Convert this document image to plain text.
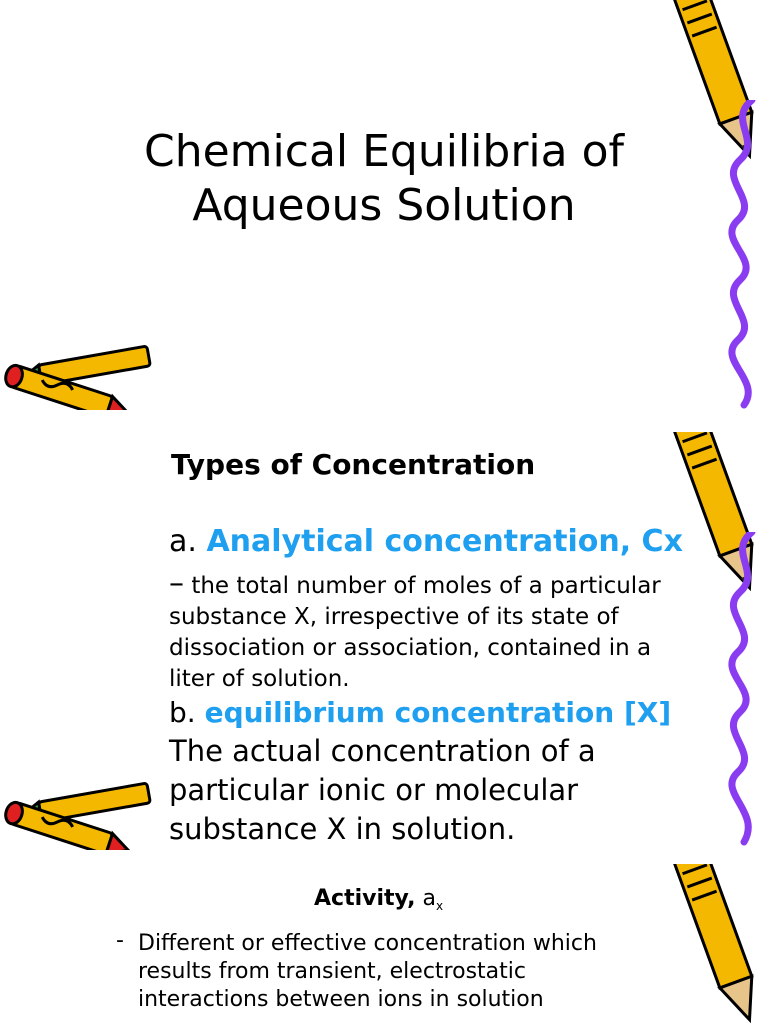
Chemical Equilibria of
Aqueous Solution
Types of Concentration
a. Analytical concentration, Cx
– the total number of moles of a particular substance X, irrespective of its state of dissociation or association, contained in a liter of solution.
b. equilibrium concentration [X]
The actual concentration of a particular ionic or molecular substance X in solution.
Activity, $a_x$
- Different or effective concentration which results from transient, electrostatic interactions between ions in solution
